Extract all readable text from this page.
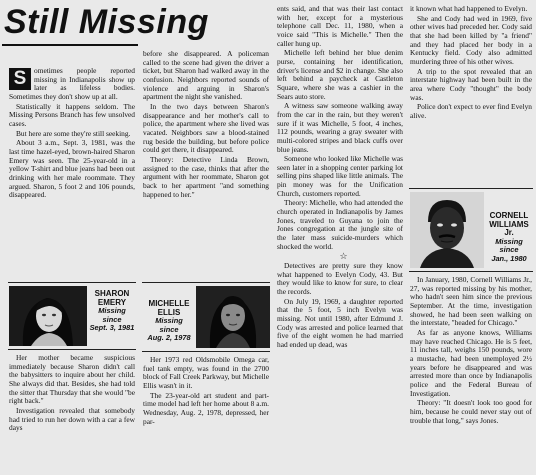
Still Missing
S	ometimes people reported missing in Indianapolis show up later as lifeless bodies. Sometimes they don't show up at all.

Statistically it happens seldom. The Missing Persons Branch has few unsolved cases.

But here are some they're still seeking.

About 3 a.m., Sept. 3, 1981, was the last time hazel-eyed, brown-haired Sharon Emery was seen. The 25-year-old in a yellow T-shirt and blue jeans had been out drinking with her male roommate. They argued. Sharon, 5 foot 2 and 106 pounds, disappeared.

SHARON
EMERY
Missing
since
Sept. 3, 1981

Her mother became suspicious immediately because Sharon didn't call the babysitters to inquire about her child. She always did that. Besides, she had told the sitter that Thursday that she would "be right back."

Investigation revealed that somebody had tried to run her down with a car a few days

before she disappeared. A policeman called to the scene had given the driver a ticket, but Sharon had walked away in the confusion. Neighbors reported sounds of violence and arguing in Sharon's apartment the night she vanished.

In the two days between Sharon's disappearance and her mother's call to police, the apartment where she lived was vacated. Neighbors saw a blood-stained rug beside the building, but before police could get there, it disappeared.

Theory: Detective Linda Brown, assigned to the case, thinks that after the argument with her roommate, Sharon got back to her apartment "and something happened to her."

MICHELLE
ELLIS
Missing
since
Aug. 2, 1978

Her 1973 red Oldsmobile Omega car, fuel tank empty, was found in the 2700 block of Fall Creek Parkway, but Michelle Ellis wasn't in it.

The 23-year-old art student and part-time model had left her home about 8 a.m. Wednesday, Aug. 2, 1978, depressed, her par-

ents said, and that was their last contact with her, except for a mysterious telephone call Dec. 11, 1980, when a voice said "This is Michelle." Then the caller hung up.

Michelle left behind her blue denim purse, containing her identification, driver's license and $2 in change. She also left behind a paycheck at Castleton Square, where she was a cashier in the Sears auto store.

A witness saw someone walking away from the car in the rain, but they weren't sure if it was Michelle, 5 foot, 4 inches, 112 pounds, wearing a gray sweater with multi-colored stripes and black cuffs over blue jeans.

Someone who looked like Michelle was seen later in a shopping center parking lot selling pins shaped like little animals. The pin money was for the Unification Church, customers reported.

Theory: Michelle, who had attended the church operated in Indianapolis by James Jones, traveled to Guyana to join the Jones congregation at the jungle site of the later mass suicide-murders which shocked the world.

☆

Detectives are pretty sure they know what happened to Evelyn Cody, 43. But they would like to know for sure, to clear the records.

On July 19, 1969, a daughter reported that the 5 foot, 5 inch Evelyn was missing. Not until 1980, after Edmund J. Cody was arrested and police learned that five of the eight women he had married had ended up dead, was

it known what had happened to Evelyn.

She and Cody had wed in 1969, five other wives had preceded her. Cody said that she had been killed by "a friend" and they had placed her body in a Kentucky field. Cody also admitted murdering three of his other wives.

A trip to the spot revealed that an interstate highway had been built in the area where Cody "thought" the body was.

Police don't expect to ever find Evelyn alive.

CORNELL
WILLIAMS
Jr.
Missing
since
Jan., 1980

In January, 1980, Cornell Williams Jr., 27, was reported missing by his mother, who hadn't seen him since the previous September. At the time, investigation showed, he had been seen walking on the interstate, "headed for Chicago."

As far as anyone knows, Williams may have reached Chicago. He is 5 feet, 11 inches tall, weighs 150 pounds, wore a mustache, had been unemployed 2½ years before he disappeared and was arrested more than once by Indianapolis police and the Federal Bureau of Investigation.

Theory: "It doesn't look too good for him, because he could never stay out of trouble that long," says Jones.
